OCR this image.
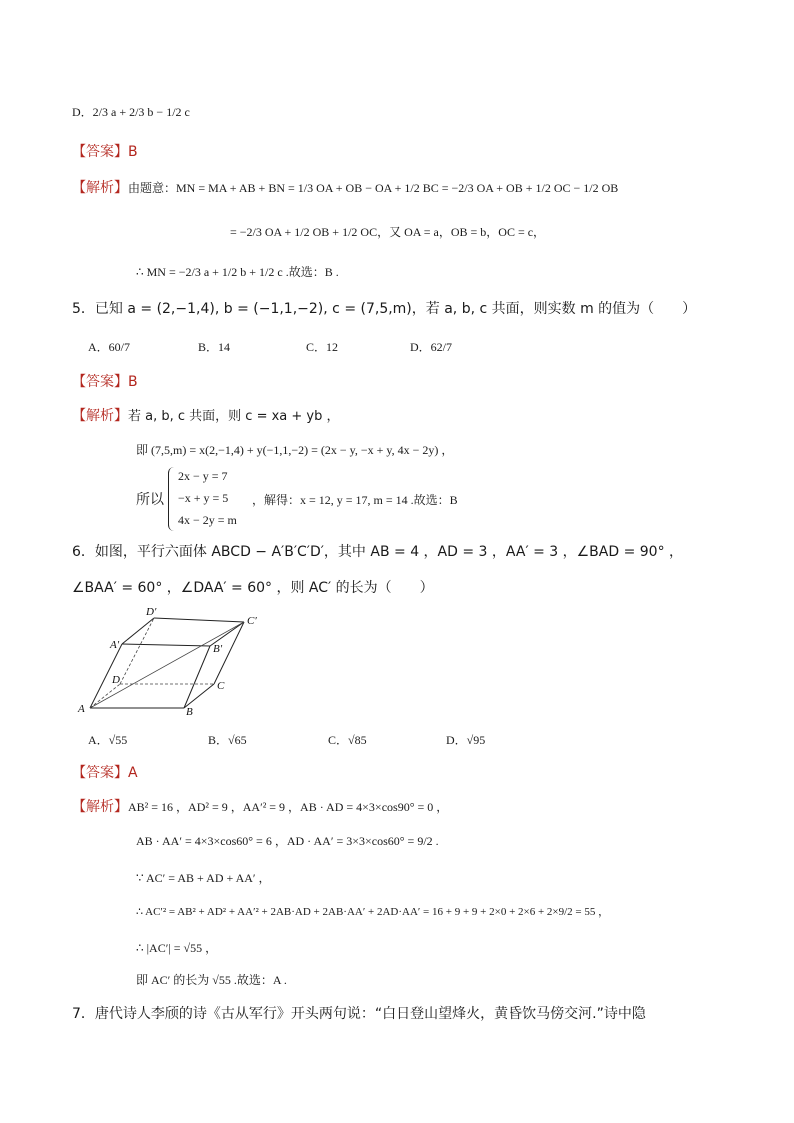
D．2/3 a + 2/3 b − 1/2 c
【答案】B
【解析】由题意：MN = MA + AB + BN = 1/3 OA + OB − OA + 1/2 BC = −2/3 OA + OB + 1/2 OC − 1/2 OB
= −2/3 OA + 1/2 OB + 1/2 OC，又 OA = a，OB = b，OC = c，
∴ MN = −2/3 a + 1/2 b + 1/2 c .故选：B .
5．已知 a = (2,−1,4), b = (−1,1,−2), c = (7,5,m)，若 a, b, c 共面，则实数 m 的值为（　　）
A．60/7	B．14	C．12	D．62/7
【答案】B
【解析】若 a, b, c 共面，则 c = xa + yb ，
即 (7,5,m) = x(2,−1,4) + y(−1,1,−2) = (2x − y, −x + y, 4x − 2y) ，
所以
2x − y = 7
−x + y = 5
4x − 2y = m
，解得：x = 12, y = 17, m = 14 .故选：B
6．如图，平行六面体 ABCD − A′B′C′D′，其中 AB = 4 ，AD = 3 ，AA′ = 3 ，∠BAD = 90° ，
∠BAA′ = 60° ，∠DAA′ = 60° ，则 AC′ 的长为（　　）
A	B
C
D
A′	B′
C′
D′
A．√55	B．√65	C．√85	D．√95
【答案】A
【解析】AB² = 16 ，AD² = 9 ，AA′² = 9 ，AB · AD = 4×3×cos90° = 0 ，
AB · AA′ = 4×3×cos60° = 6 ，AD · AA′ = 3×3×cos60° = 9/2 .
∵ AC′ = AB + AD + AA′ ，
∴ AC′² = AB² + AD² + AA′² + 2AB·AD + 2AB·AA′ + 2AD·AA′ = 16 + 9 + 9 + 2×0 + 2×6 + 2×9/2 = 55 ，
∴ |AC′| = √55 ，
即 AC′ 的长为 √55 .故选：A .
7．唐代诗人李颀的诗《古从军行》开头两句说：“白日登山望烽火，黄昏饮马傍交河.”诗中隐
